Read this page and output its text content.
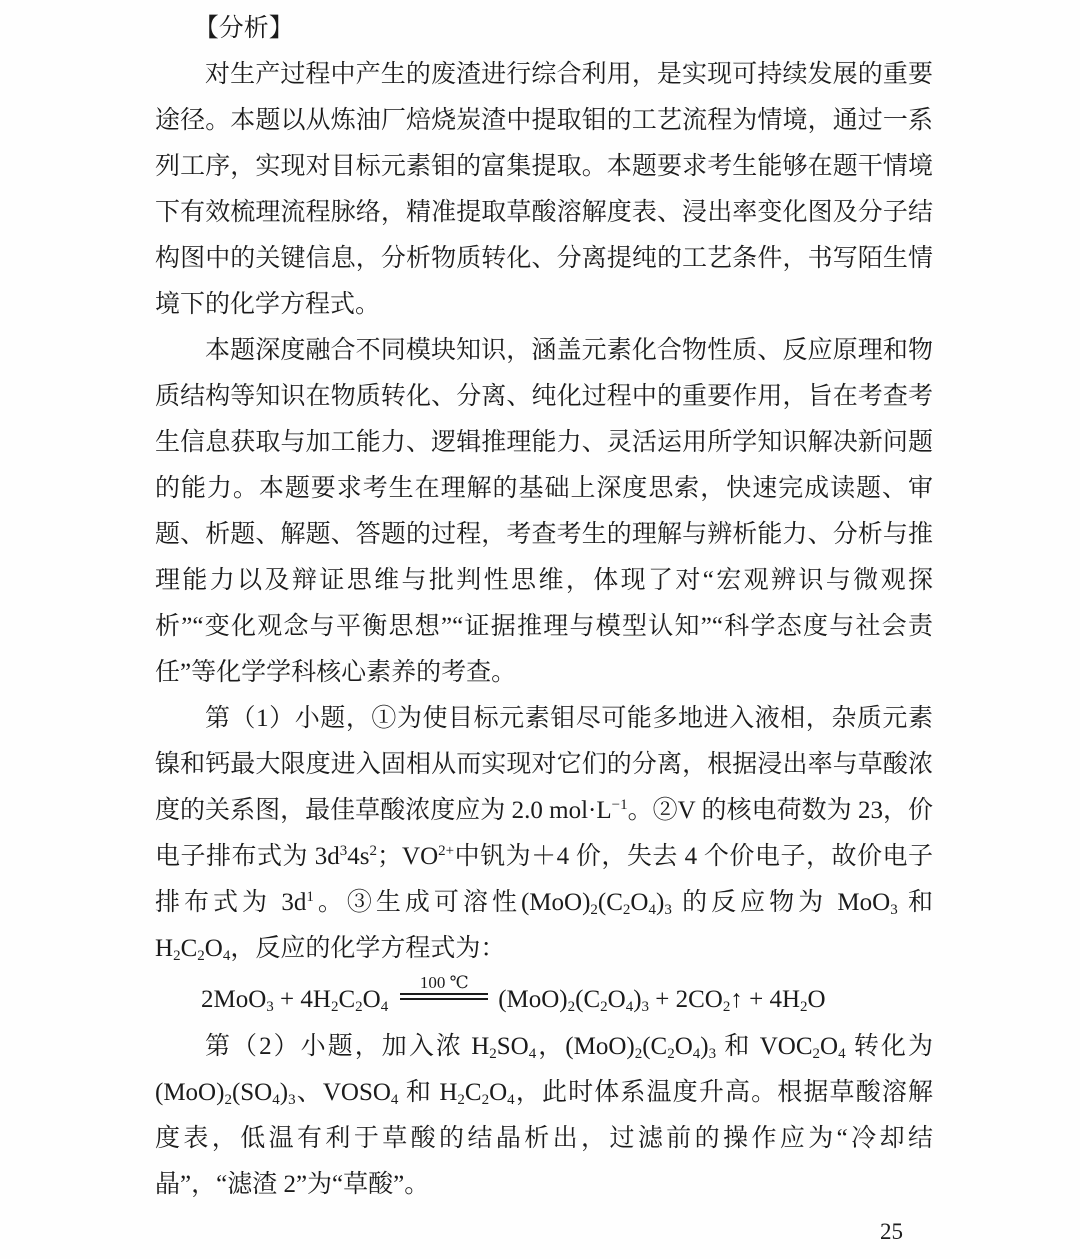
【分析】

对生产过程中产生的废渣进行综合利用，是实现可持续发展的重要途径。本题以从炼油厂焙烧炭渣中提取钼的工艺流程为情境，通过一系列工序，实现对目标元素钼的富集提取。本题要求考生能够在题干情境下有效梳理流程脉络，精准提取草酸溶解度表、浸出率变化图及分子结构图中的关键信息，分析物质转化、分离提纯的工艺条件，书写陌生情境下的化学方程式。

本题深度融合不同模块知识，涵盖元素化合物性质、反应原理和物质结构等知识在物质转化、分离、纯化过程中的重要作用，旨在考查考生信息获取与加工能力、逻辑推理能力、灵活运用所学知识解决新问题的能力。本题要求考生在理解的基础上深度思索，快速完成读题、审题、析题、解题、答题的过程，考查考生的理解与辨析能力、分析与推理能力以及辩证思维与批判性思维，体现了对“宏观辨识与微观探析”“变化观念与平衡思想”“证据推理与模型认知”“科学态度与社会责任”等化学学科核心素养的考查。

第（1）小题，①为使目标元素钼尽可能多地进入液相，杂质元素镍和钙最大限度进入固相从而实现对它们的分离，根据浸出率与草酸浓度的关系图，最佳草酸浓度应为 2.0 $mol\cdot L^{-1}$。②V 的核电荷数为 23，价电子排布式为 $3d^34s^2$；$VO^{2+}$中钒为＋4 价，失去 4 个价电子，故价电子排布式为 $3d^1$。③生成可溶性$(MoO)_2(C_2O_4)_3$ 的反应物为 MoO$_3$ 和 $H_2C_2O_4$，反应的化学方程式为：

$2MoO_3 + 4H_2C_2O_4$
100 ℃
$(MoO)_2(C_2O_4)_3$ + $2CO_2↑ + 4H_2O$

第（2）小题，加入浓 $H_2SO_4$，$(MoO)_2(C_2O_4)_3$ 和 $VOC_2O_4$ 转化为$(MoO)_2(SO_4)_3$、$VOSO_4$ 和 $H_2C_2O_4$，此时体系温度升高。根据草酸溶解度表，低温有利于草酸的结晶析出，过滤前的操作应为“冷却结晶”，“滤渣 2”为“草酸”。

25
